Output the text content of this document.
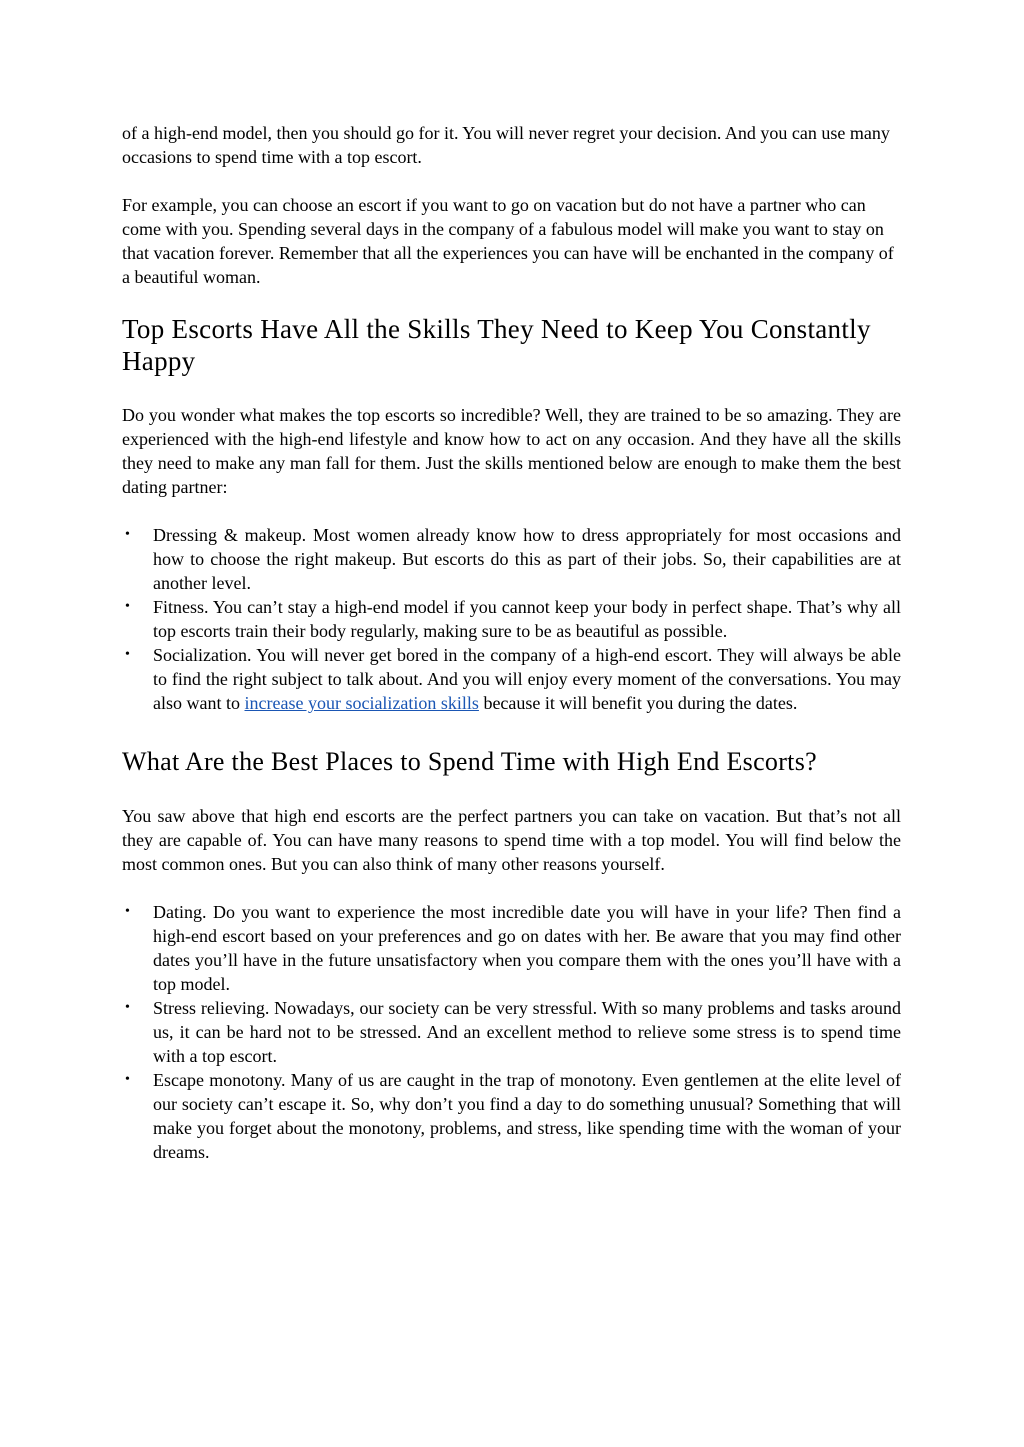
of a high-end model, then you should go for it. You will never regret your decision. And you can use many occasions to spend time with a top escort.

For example, you can choose an escort if you want to go on vacation but do not have a partner who can come with you. Spending several days in the company of a fabulous model will make you want to stay on that vacation forever. Remember that all the experiences you can have will be enchanted in the company of a beautiful woman.

Top Escorts Have All the Skills They Need to Keep You Constantly Happy

Do you wonder what makes the top escorts so incredible? Well, they are trained to be so amazing. They are experienced with the high-end lifestyle and know how to act on any occasion. And they have all the skills they need to make any man fall for them. Just the skills mentioned below are enough to make them the best dating partner:

• Dressing & makeup. Most women already know how to dress appropriately for most occasions and how to choose the right makeup. But escorts do this as part of their jobs. So, their capabilities are at another level.
• Fitness. You can’t stay a high-end model if you cannot keep your body in perfect shape. That’s why all top escorts train their body regularly, making sure to be as beautiful as possible.
• Socialization. You will never get bored in the company of a high-end escort. They will always be able to find the right subject to talk about. And you will enjoy every moment of the conversations. You may also want to increase your socialization skills because it will benefit you during the dates.
What Are the Best Places to Spend Time with High End Escorts?

You saw above that high end escorts are the perfect partners you can take on vacation. But that’s not all they are capable of. You can have many reasons to spend time with a top model. You will find below the most common ones. But you can also think of many other reasons yourself.

• Dating. Do you want to experience the most incredible date you will have in your life? Then find a high-end escort based on your preferences and go on dates with her. Be aware that you may find other dates you’ll have in the future unsatisfactory when you compare them with the ones you’ll have with a top model.
• Stress relieving. Nowadays, our society can be very stressful. With so many problems and tasks around us, it can be hard not to be stressed. And an excellent method to relieve some stress is to spend time with a top escort.
• Escape monotony. Many of us are caught in the trap of monotony. Even gentlemen at the elite level of our society can’t escape it. So, why don’t you find a day to do something unusual? Something that will make you forget about the monotony, problems, and stress, like spending time with the woman of your dreams.
